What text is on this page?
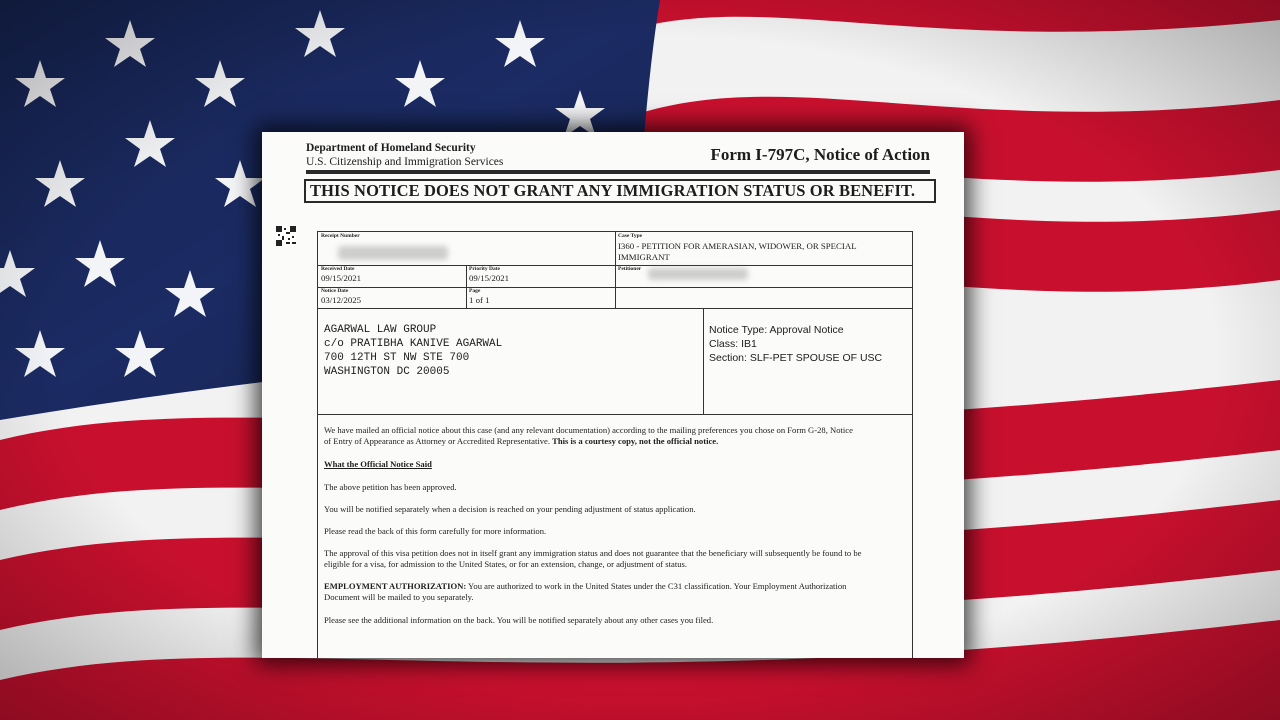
Department of Homeland Security
U.S. Citizenship and Immigration Services	Form I-797C, Notice of Action
THIS NOTICE DOES NOT GRANT ANY IMMIGRATION STATUS OR BENEFIT.
Receipt Number	Case Type
I360 - PETITION FOR AMERASIAN, WIDOWER, OR SPECIAL
IMMIGRANT
Received Date
09/15/2021
Priority Date
09/15/2021
Petitioner
Notice Date
03/12/2025
Page
1 of 1
AGARWAL LAW GROUP
c/o PRATIBHA KANIVE AGARWAL
700 12TH ST NW STE 700
WASHINGTON DC 20005
Notice Type: Approval Notice
Class: IB1
Section: SLF-PET SPOUSE OF USC
We have mailed an official notice about this case (and any relevant documentation) according to the mailing preferences you chose on Form G-28, Notice
of Entry of Appearance as Attorney or Accredited Representative. This is a courtesy copy, not the official notice.
What the Official Notice Said
The above petition has been approved.
You will be notified separately when a decision is reached on your pending adjustment of status application.
Please read the back of this form carefully for more information.
The approval of this visa petition does not in itself grant any immigration status and does not guarantee that the beneficiary will subsequently be found to be
eligible for a visa, for admission to the United States, or for an extension, change, or adjustment of status.
EMPLOYMENT AUTHORIZATION: You are authorized to work in the United States under the C31 classification. Your Employment Authorization
Document will be mailed to you separately.
Please see the additional information on the back. You will be notified separately about any other cases you filed.
